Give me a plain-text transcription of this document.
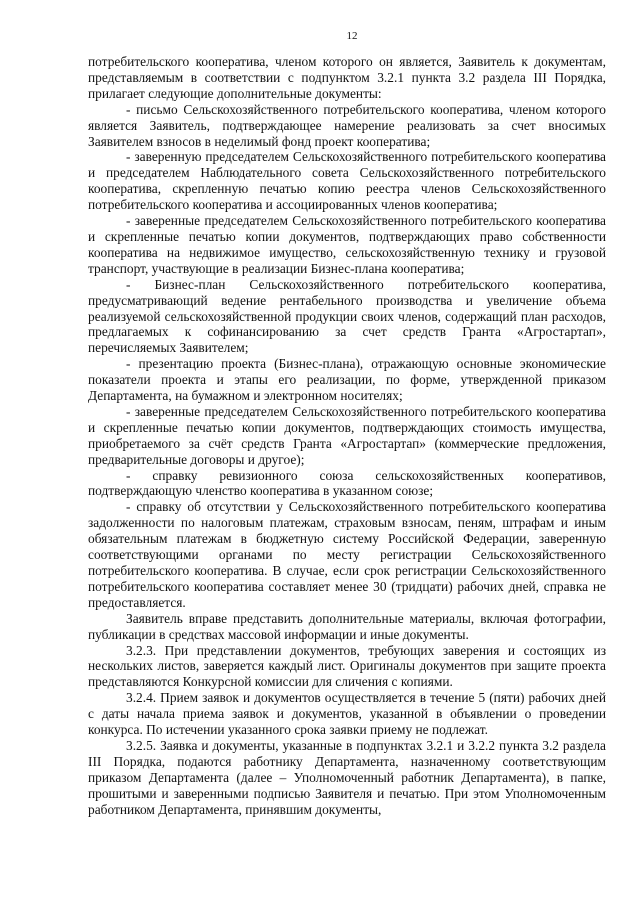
12

потребительского кооператива, членом которого он является, Заявитель к документам, представляемым в соответствии с подпунктом 3.2.1 пункта 3.2 раздела III Порядка, прилагает следующие дополнительные документы:

- письмо Сельскохозяйственного потребительского кооператива, членом которого является Заявитель, подтверждающее намерение реализовать за счет вносимых Заявителем взносов в неделимый фонд проект кооператива;

- заверенную председателем Сельскохозяйственного потребительского кооператива и председателем Наблюдательного совета Сельскохозяйственного потребительского кооператива, скрепленную печатью копию реестра членов Сельскохозяйственного потребительского кооператива и ассоциированных членов кооператива;

- заверенные председателем Сельскохозяйственного потребительского кооператива и скрепленные печатью копии документов, подтверждающих право собственности кооператива на недвижимое имущество, сельскохозяйственную технику и грузовой транспорт, участвующие в реализации Бизнес-плана кооператива;

- Бизнес-план Сельскохозяйственного потребительского кооператива, предусматривающий ведение рентабельного производства и увеличение объема реализуемой сельскохозяйственной продукции своих членов, содержащий план расходов, предлагаемых к софинансированию за счет средств Гранта «Агростартап», перечисляемых Заявителем;

- презентацию проекта (Бизнес-плана), отражающую основные экономические показатели проекта и этапы его реализации, по форме, утвержденной приказом Департамента, на бумажном и электронном носителях;

- заверенные председателем Сельскохозяйственного потребительского кооператива и скрепленные печатью копии документов, подтверждающих стоимость имущества, приобретаемого за счёт средств Гранта «Агростартап» (коммерческие предложения, предварительные договоры и другое);

- справку ревизионного союза сельскохозяйственных кооперативов, подтверждающую членство кооператива в указанном союзе;

- справку об отсутствии у Сельскохозяйственного потребительского кооператива задолженности по налоговым платежам, страховым взносам, пеням, штрафам и иным обязательным платежам в бюджетную систему Российской Федерации, заверенную соответствующими органами по месту регистрации Сельскохозяйственного потребительского кооператива. В случае, если срок регистрации Сельскохозяйственного потребительского кооператива составляет менее 30 (тридцати) рабочих дней, справка не предоставляется.

Заявитель вправе представить дополнительные материалы, включая фотографии, публикации в средствах массовой информации и иные документы.

3.2.3. При представлении документов, требующих заверения и состоящих из нескольких листов, заверяется каждый лист. Оригиналы документов при защите проекта представляются Конкурсной комиссии для сличения с копиями.

3.2.4. Прием заявок и документов осуществляется в течение 5 (пяти) рабочих дней с даты начала приема заявок и документов, указанной в объявлении о проведении конкурса. По истечении указанного срока заявки приему не подлежат.

3.2.5. Заявка и документы, указанные в подпунктах 3.2.1 и 3.2.2 пункта 3.2 раздела III Порядка, подаются работнику Департамента, назначенному соответствующим приказом Департамента (далее – Уполномоченный работник Департамента), в папке, прошитыми и заверенными подписью Заявителя и печатью. При этом Уполномоченным работником Департамента, принявшим документы,
